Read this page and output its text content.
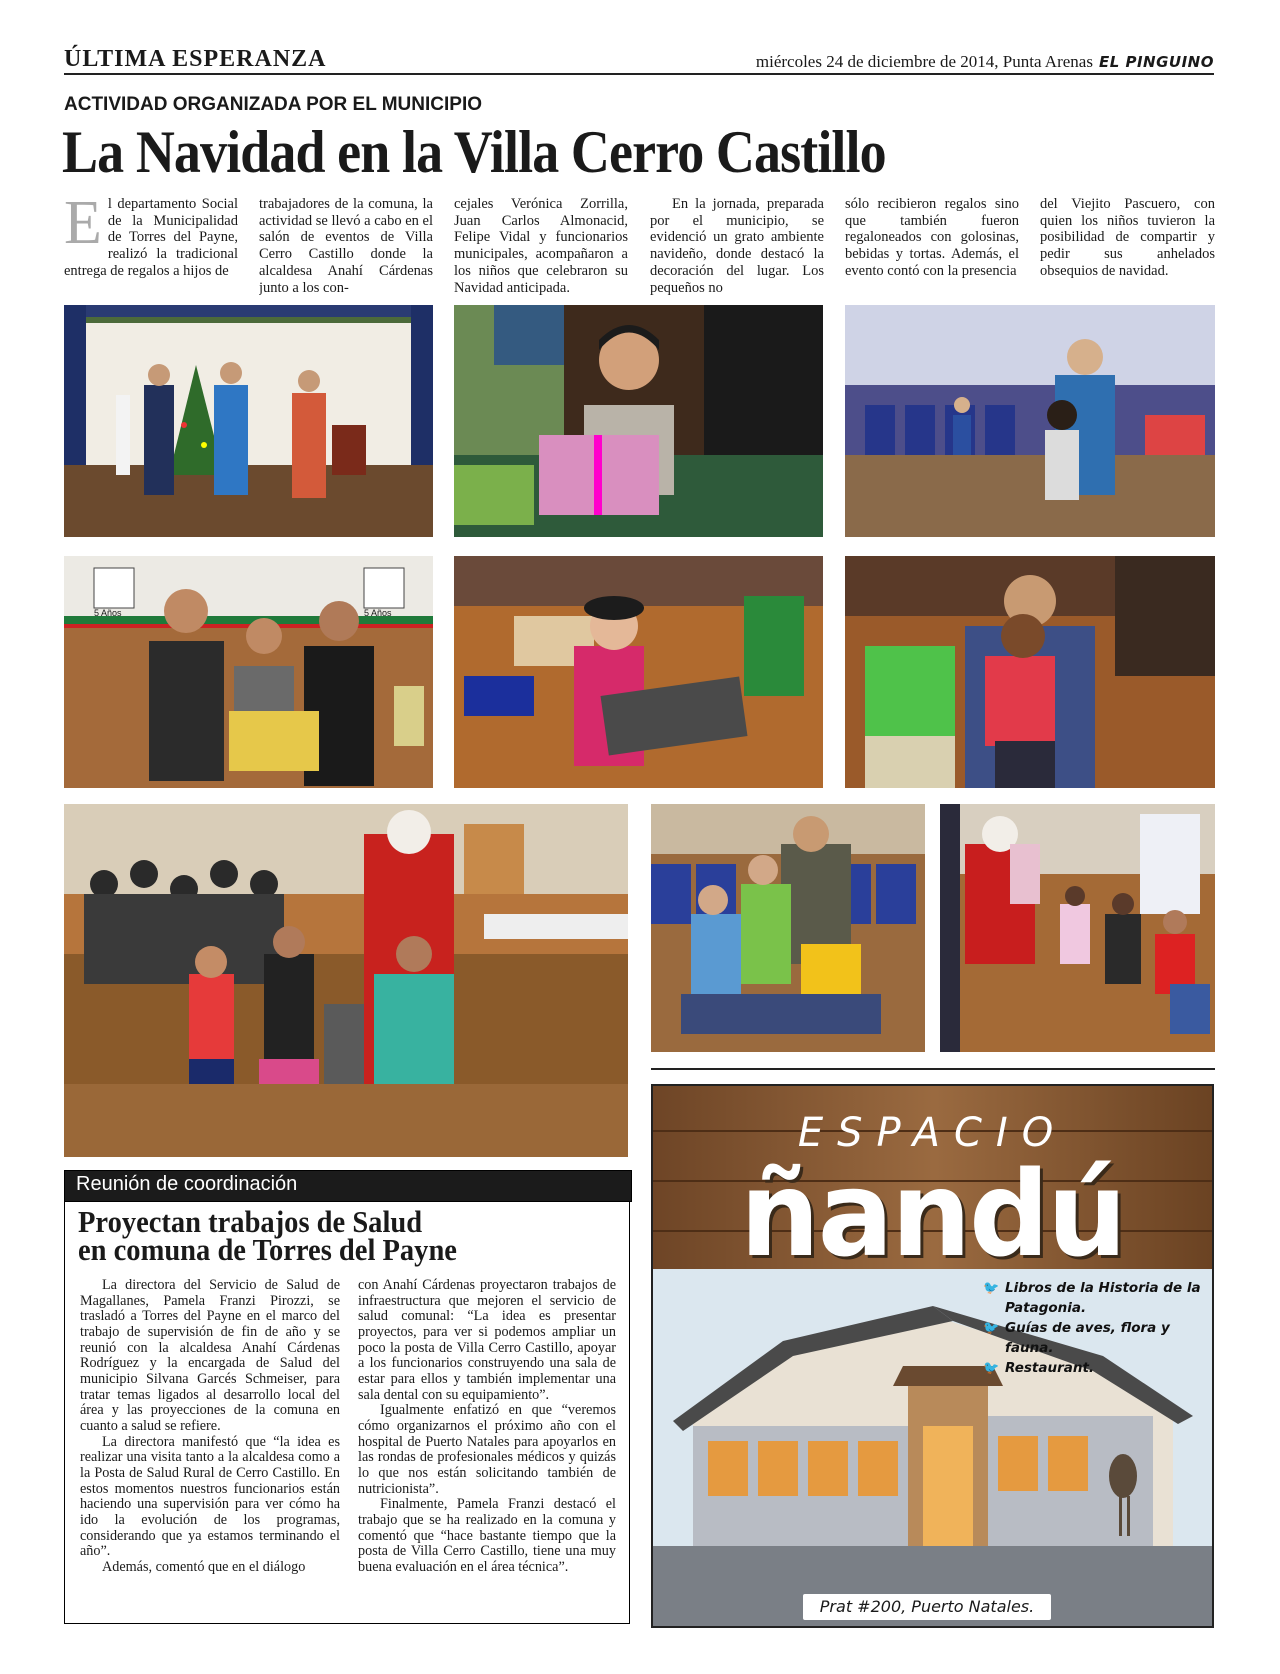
ÚLTIMA ESPERANZA	miércoles 24 de diciembre de 2014, Punta Arenas EL PINGUINO
ACTIVIDAD ORGANIZADA POR EL MUNICIPIO
La Navidad en la Villa Cerro Castillo
El departamento Social de la Municipalidad de Torres del Payne, realizó la tradicional entrega de regalos a hijos de
trabajadores de la comuna, la actividad se llevó a cabo en el salón de eventos de Villa Cerro Castillo donde la alcaldesa Anahí Cárdenas junto a los con-
cejales Verónica Zorrilla, Juan Carlos Almonacid, Felipe Vidal y funcionarios municipales, acompañaron a los niños que celebraron su Navidad anticipada.
En la jornada, preparada por el municipio, se evidenció un grato ambiente navideño, donde destacó la decoración del lugar. Los pequeños no
sólo recibieron regalos sino que también fueron regaloneados con golosinas, bebidas y tortas. Además, el evento contó con la presencia
del Viejito Pascuero, con quien los niños tuvieron la posibilidad de compartir y pedir sus anhelados obsequios de navidad.
5 Años	5 Años
Reunión de coordinación
Proyectan trabajos de Salud
en comuna de Torres del Payne

La directora del Servicio de Salud de Magallanes, Pamela Franzi Pirozzi, se trasladó a Torres del Payne en el marco del trabajo de supervisión de fin de año y se reunió con la alcaldesa Anahí Cárdenas Rodríguez y la encargada de Salud del municipio Silvana Garcés Schmeiser, para tratar temas ligados al desarrollo local del área y las proyecciones de la comuna en cuanto a salud se refiere.

La directora manifestó que “la idea es realizar una visita tanto a la alcaldesa como a la Posta de Salud Rural de Cerro Castillo. En estos momentos nuestros funcionarios están haciendo una supervisión para ver cómo ha ido la evolución de los programas, considerando que ya estamos terminando el año”.

Además, comentó que en el diálogo

con Anahí Cárdenas proyectaron trabajos de infraestructura que mejoren el servicio de salud comunal: “La idea es presentar proyectos, para ver si podemos ampliar un poco la posta de Villa Cerro Castillo, apoyar a los funcionarios construyendo una sala de estar para ellos y también implementar una sala dental con su equipamiento”.

Igualmente enfatizó en que “veremos cómo organizarnos el próximo año con el hospital de Puerto Natales para apoyarlos en las rondas de profesionales médicos y quizás lo que nos están solicitando también de nutricionista”.

Finalmente, Pamela Franzi destacó el trabajo que se ha realizado en la comuna y comentó que “hace bastante tiempo que la posta de Villa Cerro Castillo, tiene una muy buena evaluación en el área técnica”.

ESPACIO
ñandú
🐦 Libros de la Historia de la Patagonia.
🐦 Guías de aves, flora y fauna.
🐦 Restaurant.
Prat #200, Puerto Natales.
